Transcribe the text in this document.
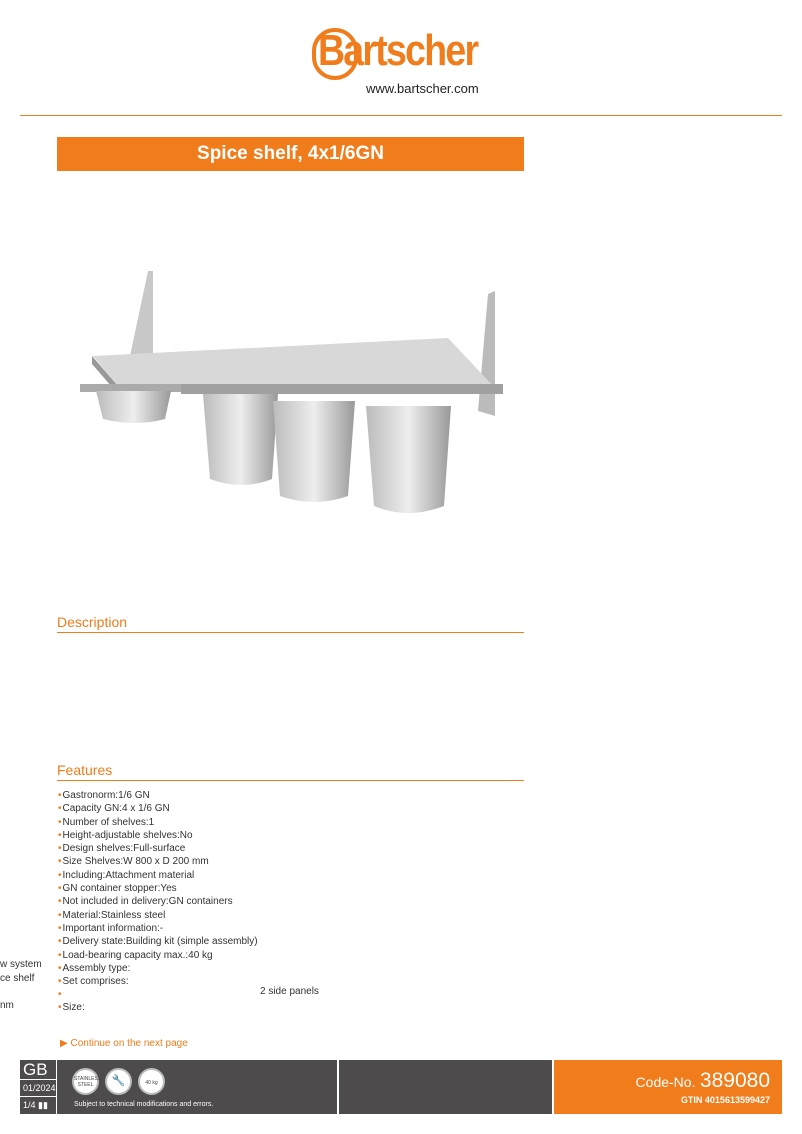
Bartscher
www.bartscher.com
Spice shelf, 4x1/6GN
Description
Features
• Gastronorm:1/6 GN
• Capacity GN:4 x 1/6 GN
• Number of shelves:1
• Height-adjustable shelves:No
• Design shelves:Full-surface
• Size Shelves:W 800 x D 200 mm
• Including:Attachment material
• GN container stopper:Yes
• Not included in delivery:GN containers
• Material:Stainless steel
• Important information:-
• Delivery state:Building kit (simple assembly)
• Load-bearing capacity max.:40 kg
• Assembly type:
• Set comprises:
•
• Size:
w system
ce shelf
2 side panels
nm
▶ Continue on the next page
GB
01/2024
1/4 ▮▮
STAINLESS STEEL	🔧	40 kg
Subject to technical modifications and errors.
Code-No. 389080
GTIN 4015613599427
